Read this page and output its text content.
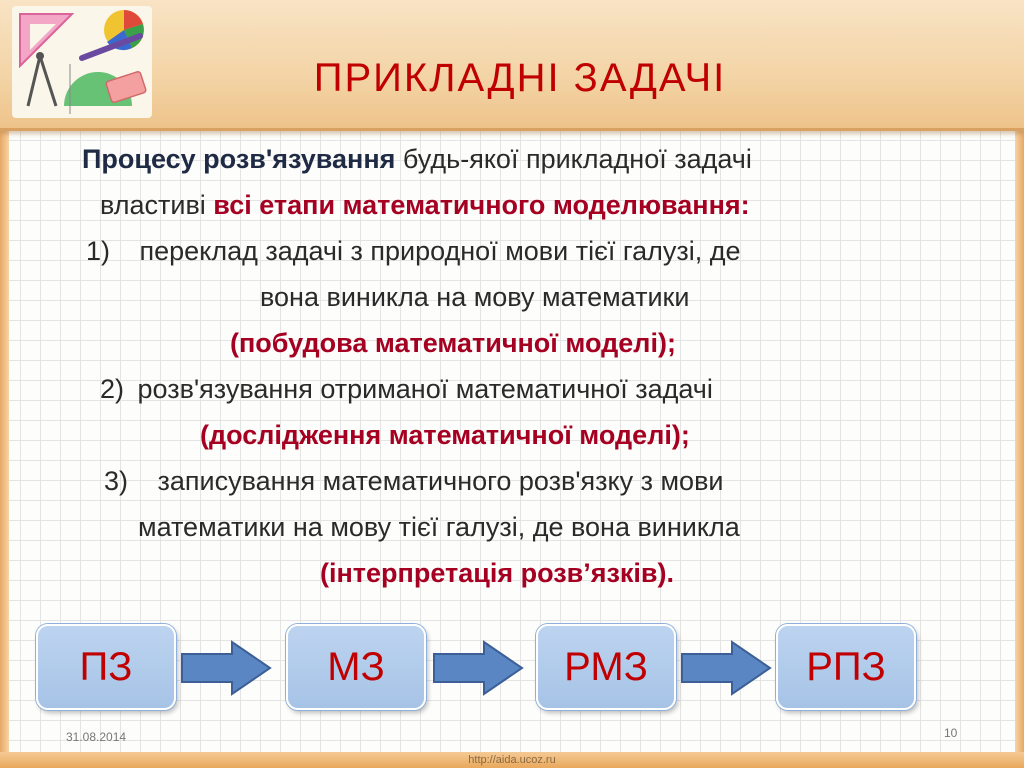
ПРИКЛАДНІ ЗАДАЧІ
Процесу розв'язування будь-якої прикладної задачі
властиві всі етапи математичного моделювання:
1) переклад задачі з природної мови тієї галузі, де
вона виникла на мову математики
(побудова математичної моделі);
2) розв'язування отриманої математичної задачі
(дослідження математичної моделі);
3) записування математичного розв'язку з мови
математики на мову тієї галузі, де вона виникла
(інтерпретація розв’язків).
ПЗ	МЗ	РМЗ	РПЗ
31.08.2014	10
http://aida.ucoz.ru
